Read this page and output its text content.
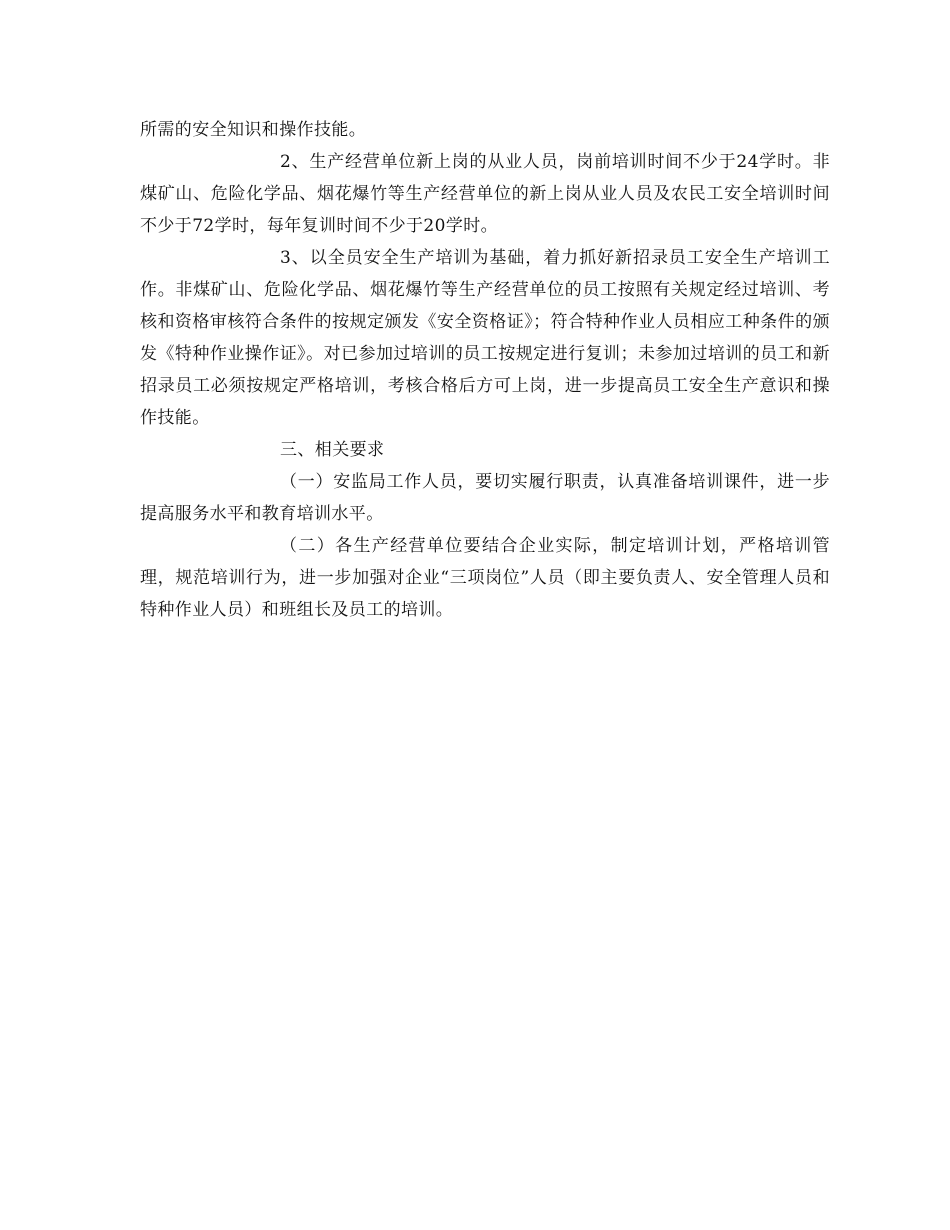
所需的安全知识和操作技能。

2、生产经营单位新上岗的从业人员，岗前培训时间不少于24学时。非煤矿山、危险化学品、烟花爆竹等生产经营单位的新上岗从业人员及农民工安全培训时间不少于72学时，每年复训时间不少于20学时。

3、以全员安全生产培训为基础，着力抓好新招录员工安全生产培训工作。非煤矿山、危险化学品、烟花爆竹等生产经营单位的员工按照有关规定经过培训、考核和资格审核符合条件的按规定颁发《安全资格证》；符合特种作业人员相应工种条件的颁发《特种作业操作证》。对已参加过培训的员工按规定进行复训；未参加过培训的员工和新招录员工必须按规定严格培训，考核合格后方可上岗，进一步提高员工安全生产意识和操作技能。

三、相关要求

（一）安监局工作人员，要切实履行职责，认真准备培训课件，进一步提高服务水平和教育培训水平。

（二）各生产经营单位要结合企业实际，制定培训计划，严格培训管理，规范培训行为，进一步加强对企业“三项岗位”人员（即主要负责人、安全管理人员和特种作业人员）和班组长及员工的培训。
